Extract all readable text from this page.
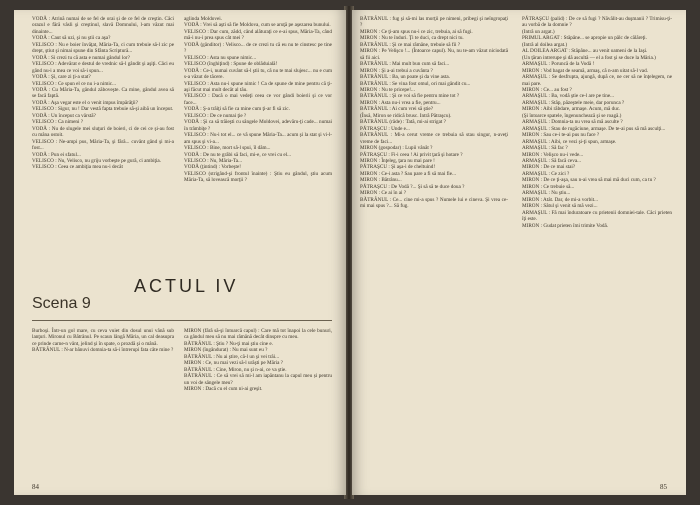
VODĂ : Atrină numai de se fel de orai şi de ce fel de creştin. Câci orazul e fără vâsli şi creştinul, slavă Domnului, l-am văzut mai dinainte...

VODĂ : Caut să uzi, şi nu ştii ca aşa?

VELISCO : Nu e boier învăţat, Măria-Ta, ci cum trebuie să-l zic pe drept, ştiut şi nimai spune din Sfânta Scriptură...

VODĂ : Si crezi tu că asta e numai gândul lor?

VELISCO : Adevărat e destul de vrednic să-l gândit şi aşiţi. Câci eu gând nu-i a mea ce voi să-i spun...

VODĂ : Şi, care zi ţi-a stat?

VELISCO : Ce spun el ce nu i-a nimic...

VODĂ : Cu Măria-Ta, gândul zăboveşte. Ca mine, gândul avea să se facă faptă.

VODĂ : Aşa vegar este el o venit impus împărăţii?

VELISCO : Sigur, nu ! Dar vestă fapta trebuie să-şi aibă un început.

VODĂ : Un început ca vârstă?

VELISCO : Ca nimeni ?

VODĂ : Nu de slugele mei sluţuri de boieri, ci de cei ce şi-au fost cu mâna ostoit.

VELISCO : Ne-ampi pus, Măria-Ta, şi fără... cuvânt gând şi mi-a fost...

VODĂ : Pun ei sfatul...

VELISCO : Nu, Velisco, nu griju vorbeşte pe gură, ci ambiţia.

VELISCO : Ceea ce ambiţia mea nu-i decât

aglinda Moldovei.

VODĂ : Vrei să aşti să fie Moldova, cum se aruţă pe aşezarea bunului.

VELISCO : Dar cum, zădd, când alăturaţi ce e-ai spus, Măria-Ta, când mă-i nu-i prea spus cât mei ?

VODĂ (gânditor) : Velisco... de ce crezi tu că eu nu te cinstesc pe tine ?

VELISCO : Asta nu spune nimic...

VELISCO (înghiţind) : Spune de oblăduială!

VODĂ : Ce-i, numai cuvânt să-l ştii tu, că nu te mai slujesc... nu e cum s-a văzut de tăcere.

VELISCO : Asta nu-i spune nimic ! Ca de spune de mine pentru că ţi-aşi făcut mai mult decât al tău.

VELISCO : Dacă o mai vedeţi ceea ce vor gândi boierii şi ce vor face...

VODĂ : Ş-a trăiţi să fie ca mine cum ţi-ar fi să zic.

VELISCO : De ce numai ţie ?

VODĂ : Şi ca să trăieşti cu sângele Moldovei, adevăru-ţi cade... numai în trâmbiţe ?

VELISCO : Nu-i tot el... ce vă spune Măria-Ta... acum şi la stat şi vi-l-am spus şi vi-a...

VELISCO : Bine, mort să-l spui, îl dăm...

VODĂ : De nu te grăbi să faci, mi-e, ce vrei cu el...

VELISCO : Nu, Măria-Ta...

VODĂ (ţintind) : Vorbeşte!

VELISCO (strigând-şi frontul înainte) : Ştiu eu gândul, ştiu acum Măria-Ta, să lovească morţii ?

ACTUL IV
Scena 9

Burboşi. Într-un gol mare, cu ceva vuiet din dosul unui vână sub lanţuri. Mironul cu Bătrânul. Pe scaun lângă Măria, un cal deasupra ce prinde carne-n vânt, jelind şi în spate, o prozdă şi o mână.

BĂTRÂNUL : N-ar bănuvi domnia-ta să-i întrerupi fata câte mine ?

MIRON (fără să-şi întoarcă capul) : Care mă tot înapoi la cele bunuri, ca gândul meu să nu mai rămână decât dinspre cu meu.

BĂTRÂNUL : Ştiu ? Nu-ţi mai ştiu cine e.

MIRON (îngândurat) : Nu mai sunt eu ?

BĂTRÂNUL : Nu ai ştire, că-l un şi vei trăi...

MIRON : Ce, nu mai vezi să-l urăşti pe Măria ?

BĂTRÂNUL : Cine, Miron, nu şi n-ai, ce va ştie.

BĂTRÂNUL : Ce să vrei să mi-l am iapăntanu la capul meu și pentru un voi de sângele meu?

MIRON : Dacă cu el cum ni-ai greşit.

84

BĂTRÂNUL : fug şi să-mi las morţii pe nimeni, pribegi şi neîngropaţi ?

MIRON : Ce ţi-am spus nu-i ce zic, trebuia, ai să fugi.

MIRON : Nu te înduri. Ţi te duci, ca drept nici tu.

BĂTRÂNUL : Şi ce mai rămâne, trebuie să fii ?

MIRON : Pe Velişco !... (Întoarce capul). Nu, nu te-am văzut niciodată să fii aici.

BĂTRÂNUL : Mai mult bun cum să faci...

MIRON : Şi a-ai trebui a cuvânta ?

BĂTRÂNUL : Ba, un poate şi da vine asta.

BĂTRÂNUL : Se vina fost omul, ori mai gândit cu...

MIRON : Nu te pricepe!...

BĂTRÂNUL : Şi ce voi să fie pentru mine tot ?

MIRON : Asta nu-i vrea a fie, pentru...

BĂTRÂNUL : Ai cum vrei să ştie?

(Însă, Miron se ridică brusc. Intră Pătraşcu).

BĂTRÂNUL (râde) : Tată, mi-ai strigat ?

PĂTRAŞCU : Unde e...

BĂTRÂNUL : Mi-a cerut vreme ce trebuia să stau singur, n-aveţi vreme de faci...

MIRON (gospodar) : Lupii vânăt ?

PĂTRAŞCU : Fi-i ceea ! Ai privit ţară şi hotare ?

MIRON : Înţeleg, ţara nu mai pare !

PĂTRAŞCU : Şi aşa-i de cheltuind!

MIRON : Ce-i asta ? Sau pare a fi să mai fie...

MIRON : Bătrânu...

PĂTRAŞCU : De Vodă ?... Şi să să te duce doua ?

MIRON : Ce ai în ai ?

BĂTRÂNUL : Ce... cine mi-a spus ? Numele lui e cineva. Şi vrea ce-mi mai spus ?... Să fug.

PĂTRAŞCU (palid) : De ce să fugi ? Năvălit-au duşmanii ? Trimisu-ţi-au vorbă de la domnie ?

(Intră un argat.)

PRIMUL ARGAT : Stăpâne... se apropie un pâlc de călăreţi.

(Intră al doilea argat.)

AL DOILEA ARGAT : Stăpâne... au venit oameni de la Iaşi.

(Un ţăran intrerupe şi dă ascultă — el a fost şi se duce la Măria.)

ARMAŞUL : Poruncă de la Vodă !

MIRON : Vod bagat de seamă, armaş, că n-am uitat să-l vad.

ARMAŞUL : Se desfrupta, ajungă, după ce, ne cer să ne înţelegem, ne mai pare.

MIRON : Ce... au fost ?

ARMAŞUL : Ba, vodă ştie ce-l are pe tine...

ARMAŞUL : Stăp, păzeştele meie, dar porunca ?

MIRON : Aibi răbdare, armaşe. Acum, mă duc.

(Şi întoarce spatele, îngenunchează şi se roagă.)

ARMAŞUL : Domnia-ta nu vrea să mă asculte ?

ARMAŞUL : Stau de rugăciune, armaşe. De te-ai pus să mă asculţi...

MIRON : Sau ce-i te-ai pus nu face ?

ARMAŞUL : Aibi, ce vezi şi-ţi spun, armaşe.

ARMAŞUL : Să fac ?

MIRON : Velişco nu-i vede...

ARMAŞUL : Să facă ceva...

MIRON : De ce mai stai?

ARMAŞUL : Ce zici ?

MIRON : De ce ţi-aşa, sau n-ai vrea să mai mă duci cum, ca tu ?

MIRON : Ce trebuie să...

ARMAŞUL : Nu ştiu...

MIRON : Atât. Dar, de mi-a vorbit...

MIRON : Sătul şi venit să mă vezi...

ARMAŞUL : Fă mai înduratoare cu prietenii domniei-tale. Câci prieten îţi este.

MIRON : Gudat prieten îmi trimite Vodă.

85
